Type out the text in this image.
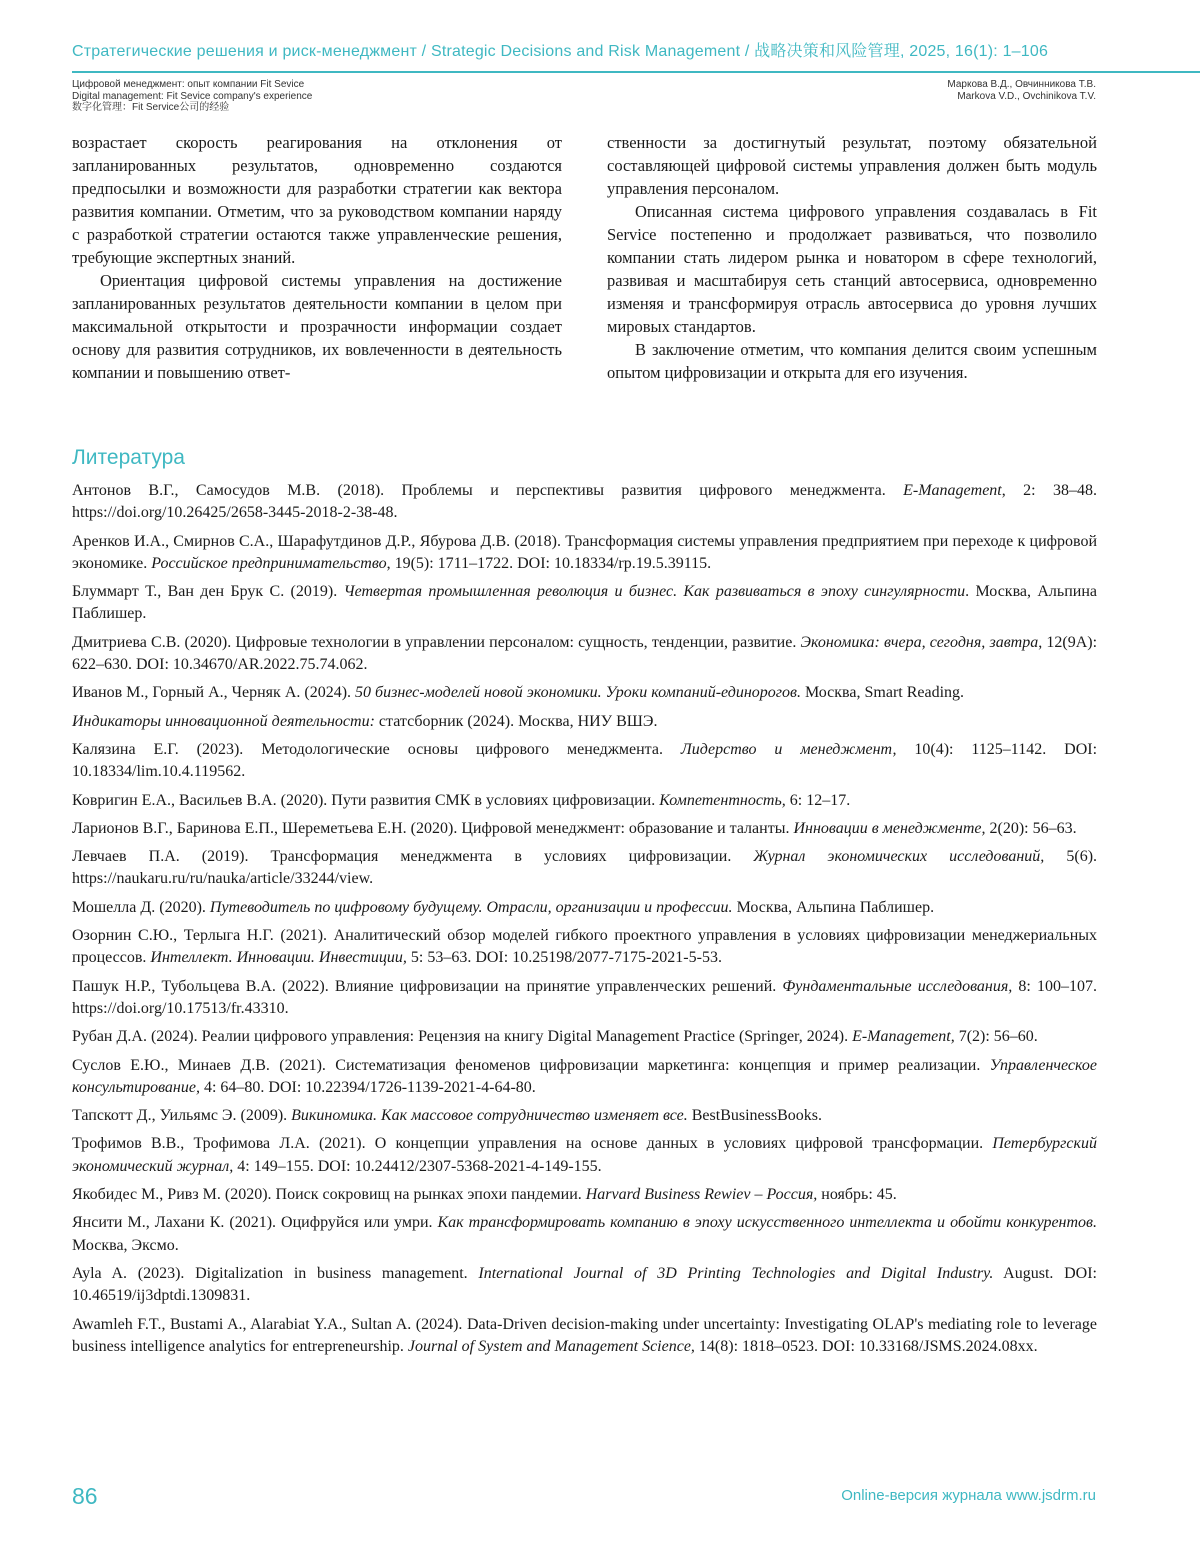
Стратегические решения и риск-менеджмент / Strategic Decisions and Risk Management / 战略决策和风险管理, 2025, 16(1): 1–106
Цифровой менеджмент: опыт компании Fit Sevice
Digital management: Fit Sevice company's experience
数字化管理：Fit Service公司的经验
Маркова В.Д., Овчинникова Т.В.
Markova V.D., Ovchinikova T.V.

возрастает скорость реагирования на отклонения от запланированных результатов, одновременно создаются предпосылки и возможности для разработки стратегии как вектора развития компании. Отметим, что за руководством компании наряду с разработкой стратегии остаются также управленческие решения, требующие экспертных знаний.

Ориентация цифровой системы управления на достижение запланированных результатов деятельности компании в целом при максимальной открытости и прозрачности информации создает основу для развития сотрудников, их вовлеченности в деятельность компании и повышению ответ-

ственности за достигнутый результат, поэтому обязательной составляющей цифровой системы управления должен быть модуль управления персоналом.

Описанная система цифрового управления создавалась в Fit Service постепенно и продолжает развиваться, что позволило компании стать лидером рынка и новатором в сфере технологий, развивая и масштабируя сеть станций автосервиса, одновременно изменяя и трансформируя отрасль автосервиса до уровня лучших мировых стандартов.

В заключение отметим, что компания делится своим успешным опытом цифровизации и открыта для его изучения.

Литература

Антонов В.Г., Самосудов М.В. (2018). Проблемы и перспективы развития цифрового менеджмента. E-Management, 2: 38–48. https://doi.org/10.26425/2658-3445-2018-2-38-48.

Аренков И.А., Смирнов С.А., Шарафутдинов Д.Р., Ябурова Д.В. (2018). Трансформация системы управления предприятием при переходе к цифровой экономике. Российское предпринимательство, 19(5): 1711–1722. DOI: 10.18334/rp.19.5.39115.

Блуммарт Т., Ван ден Брук С. (2019). Четвертая промышленная революция и бизнес. Как развиваться в эпоху сингулярности. Москва, Альпина Паблишер.

Дмитриева С.В. (2020). Цифровые технологии в управлении персоналом: сущность, тенденции, развитие. Экономика: вчера, сегодня, завтра, 12(9А): 622–630. DOI: 10.34670/AR.2022.75.74.062.

Иванов М., Горный А., Черняк А. (2024). 50 бизнес-моделей новой экономики. Уроки компаний-единорогов. Москва, Smart Reading.

Индикаторы инновационной деятельности: статсборник (2024). Москва, НИУ ВШЭ.

Калязина Е.Г. (2023). Методологические основы цифрового менеджмента. Лидерство и менеджмент, 10(4): 1125–1142. DOI: 10.18334/lim.10.4.119562.

Ковригин Е.А., Васильев В.А. (2020). Пути развития СМК в условиях цифровизации. Компетентность, 6: 12–17.

Ларионов В.Г., Баринова Е.П., Шереметьева Е.Н. (2020). Цифровой менеджмент: образование и таланты. Инновации в менеджменте, 2(20): 56–63.

Левчаев П.А. (2019). Трансформация менеджмента в условиях цифровизации. Журнал экономических исследований, 5(6). https://naukaru.ru/ru/nauka/article/33244/view.

Мошелла Д. (2020). Путеводитель по цифровому будущему. Отрасли, организации и профессии. Москва, Альпина Паблишер.

Озорнин С.Ю., Терлыга Н.Г. (2021). Аналитический обзор моделей гибкого проектного управления в условиях цифровизации менеджериальных процессов. Интеллект. Инновации. Инвестиции, 5: 53–63. DOI: 10.25198/2077-7175-2021-5-53.

Пашук Н.Р., Тубольцева В.А. (2022). Влияние цифровизации на принятие управленческих решений. Фундаментальные исследования, 8: 100–107. https://doi.org/10.17513/fr.43310.

Рубан Д.А. (2024). Реалии цифрового управления: Рецензия на книгу Digital Management Practice (Springer, 2024). E-Management, 7(2): 56–60.

Суслов Е.Ю., Минаев Д.В. (2021). Систематизация феноменов цифровизации маркетинга: концепция и пример реализации. Управленческое консультирование, 4: 64–80. DOI: 10.22394/1726-1139-2021-4-64-80.

Тапскотт Д., Уильямс Э. (2009). Викиномика. Как массовое сотрудничество изменяет все. BestBusinessBooks.

Трофимов В.В., Трофимова Л.А. (2021). О концепции управления на основе данных в условиях цифровой трансформации. Петербургский экономический журнал, 4: 149–155. DOI: 10.24412/2307-5368-2021-4-149-155.

Якобидес М., Ривз М. (2020). Поиск сокровищ на рынках эпохи пандемии. Harvard Business Rewiev – Россия, ноябрь: 45.

Янсити М., Лахани К. (2021). Оцифруйся или умри. Как трансформировать компанию в эпоху искусственного интеллекта и обойти конкурентов. Москва, Эксмо.

Ayla A. (2023). Digitalization in business management. International Journal of 3D Printing Technologies and Digital Industry. August. DOI: 10.46519/ij3dptdi.1309831.

Awamleh F.T., Bustami A., Alarabiat Y.A., Sultan A. (2024). Data-Driven decision-making under uncertainty: Investigating OLAP's mediating role to leverage business intelligence analytics for entrepreneurship. Journal of System and Management Science, 14(8): 1818–0523. DOI: 10.33168/JSMS.2024.08xx.

86	Online-версия журнала www.jsdrm.ru
